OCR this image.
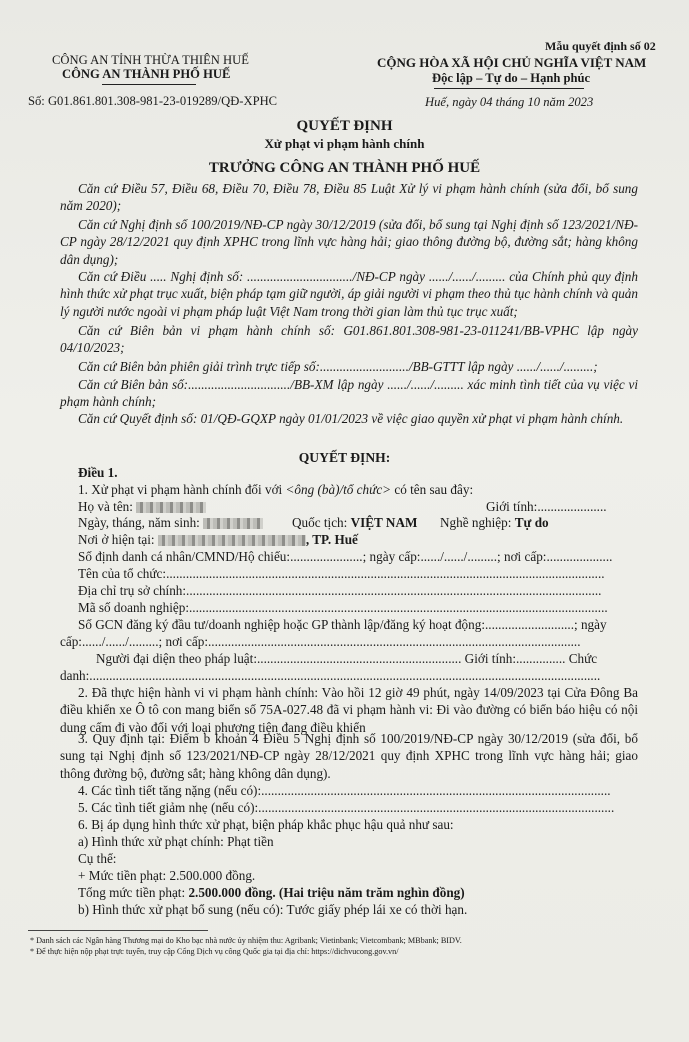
Mẫu quyết định số 02
CÔNG AN TỈNH THỪA THIÊN HUẾ
CÔNG AN THÀNH PHỐ HUẾ
Số: G01.861.801.308-981-23-019289/QĐ-XPHC
CỘNG HÒA XÃ HỘI CHỦ NGHĨA VIỆT NAM
Độc lập – Tự do – Hạnh phúc
Huế, ngày 04 tháng 10 năm 2023
QUYẾT ĐỊNH
Xử phạt vi phạm hành chính
TRƯỞNG CÔNG AN THÀNH PHỐ HUẾ
Căn cứ Điều 57, Điều 68, Điều 70, Điều 78, Điều 85 Luật Xử lý vi phạm hành chính (sửa đổi, bổ sung năm 2020);
Căn cứ Nghị định số 100/2019/NĐ-CP ngày 30/12/2019 (sửa đổi, bổ sung tại Nghị định số 123/2021/NĐ-CP ngày 28/12/2021 quy định XPHC trong lĩnh vực hàng hải; giao thông đường bộ, đường sắt; hàng không dân dụng);
Căn cứ Điều ..... Nghị định số: ................................/NĐ-CP ngày ....../....../......... của Chính phủ quy định hình thức xử phạt trục xuất, biện pháp tạm giữ người, áp giải người vi phạm theo thủ tục hành chính và quản lý người nước ngoài vi phạm pháp luật Việt Nam trong thời gian làm thủ tục trục xuất;
Căn cứ Biên bản vi phạm hành chính số: G01.861.801.308-981-23-011241/BB-VPHC lập ngày 04/10/2023;
Căn cứ Biên bản phiên giải trình trực tiếp số:.........................../BB-GTTT lập ngày ....../....../.........;
Căn cứ Biên bản số:.............................../BB-XM lập ngày ....../....../......... xác minh tình tiết của vụ việc vi phạm hành chính;
Căn cứ Quyết định số: 01/QĐ-GQXP ngày 01/01/2023 về việc giao quyền xử phạt vi phạm hành chính.
QUYẾT ĐỊNH:
Điều 1.
1. Xử phạt vi phạm hành chính đối với <ông (bà)/tổ chức> có tên sau đây:
Họ và tên:	Giới tính:.....................
Ngày, tháng, năm sinh:	Quốc tịch: VIỆT NAM Nghề nghiệp: Tự do
Nơi ở hiện tại:	, TP. Huế
Số định danh cá nhân/CMND/Hộ chiếu:......................; ngày cấp:....../....../.........; nơi cấp:....................
Tên của tổ chức:.....................................................................................................................................
Địa chỉ trụ sở chính:..............................................................................................................................
Mã số doanh nghiệp:...............................................................................................................................
Số GCN đăng ký đầu tư/doanh nghiệp hoặc GP thành lập/đăng ký hoạt động:...........................; ngày
cấp:....../....../.........; nơi cấp:.................................................................................................................
Người đại diện theo pháp luật:.............................................................. Giới tính:............... Chức
danh:...........................................................................................................................................................
2. Đã thực hiện hành vi vi phạm hành chính: Vào hồi 12 giờ 49 phút, ngày 14/09/2023 tại Cửa Đông Ba điều khiển xe Ô tô con mang biển số 75A-027.48 đã vi phạm hành vi: Đi vào đường có biển báo hiệu có nội dung cấm đi vào đối với loại phương tiện đang điều khiển
3. Quy định tại: Điểm b khoản 4 Điều 5 Nghị định số 100/2019/NĐ-CP ngày 30/12/2019 (sửa đổi, bổ sung tại Nghị định số 123/2021/NĐ-CP ngày 28/12/2021 quy định XPHC trong lĩnh vực hàng hải; giao thông đường bộ, đường sắt; hàng không dân dụng).
4. Các tình tiết tăng nặng (nếu có):..........................................................................................................
5. Các tình tiết giảm nhẹ (nếu có):............................................................................................................
6. Bị áp dụng hình thức xử phạt, biện pháp khắc phục hậu quả như sau:
a) Hình thức xử phạt chính: Phạt tiền
Cụ thể:
+ Mức tiền phạt: 2.500.000 đồng.
Tổng mức tiền phạt: 2.500.000 đồng. (Hai triệu năm trăm nghìn đồng)
b) Hình thức xử phạt bổ sung (nếu có): Tước giấy phép lái xe có thời hạn.
* Danh sách các Ngân hàng Thương mại do Kho bạc nhà nước ủy nhiệm thu: Agribank; Vietinbank; Vietcombank; MBbank; BIDV.
* Để thực hiện nộp phạt trực tuyến, truy cập Cổng Dịch vụ công Quốc gia tại địa chỉ: https://dichvucong.gov.vn/
